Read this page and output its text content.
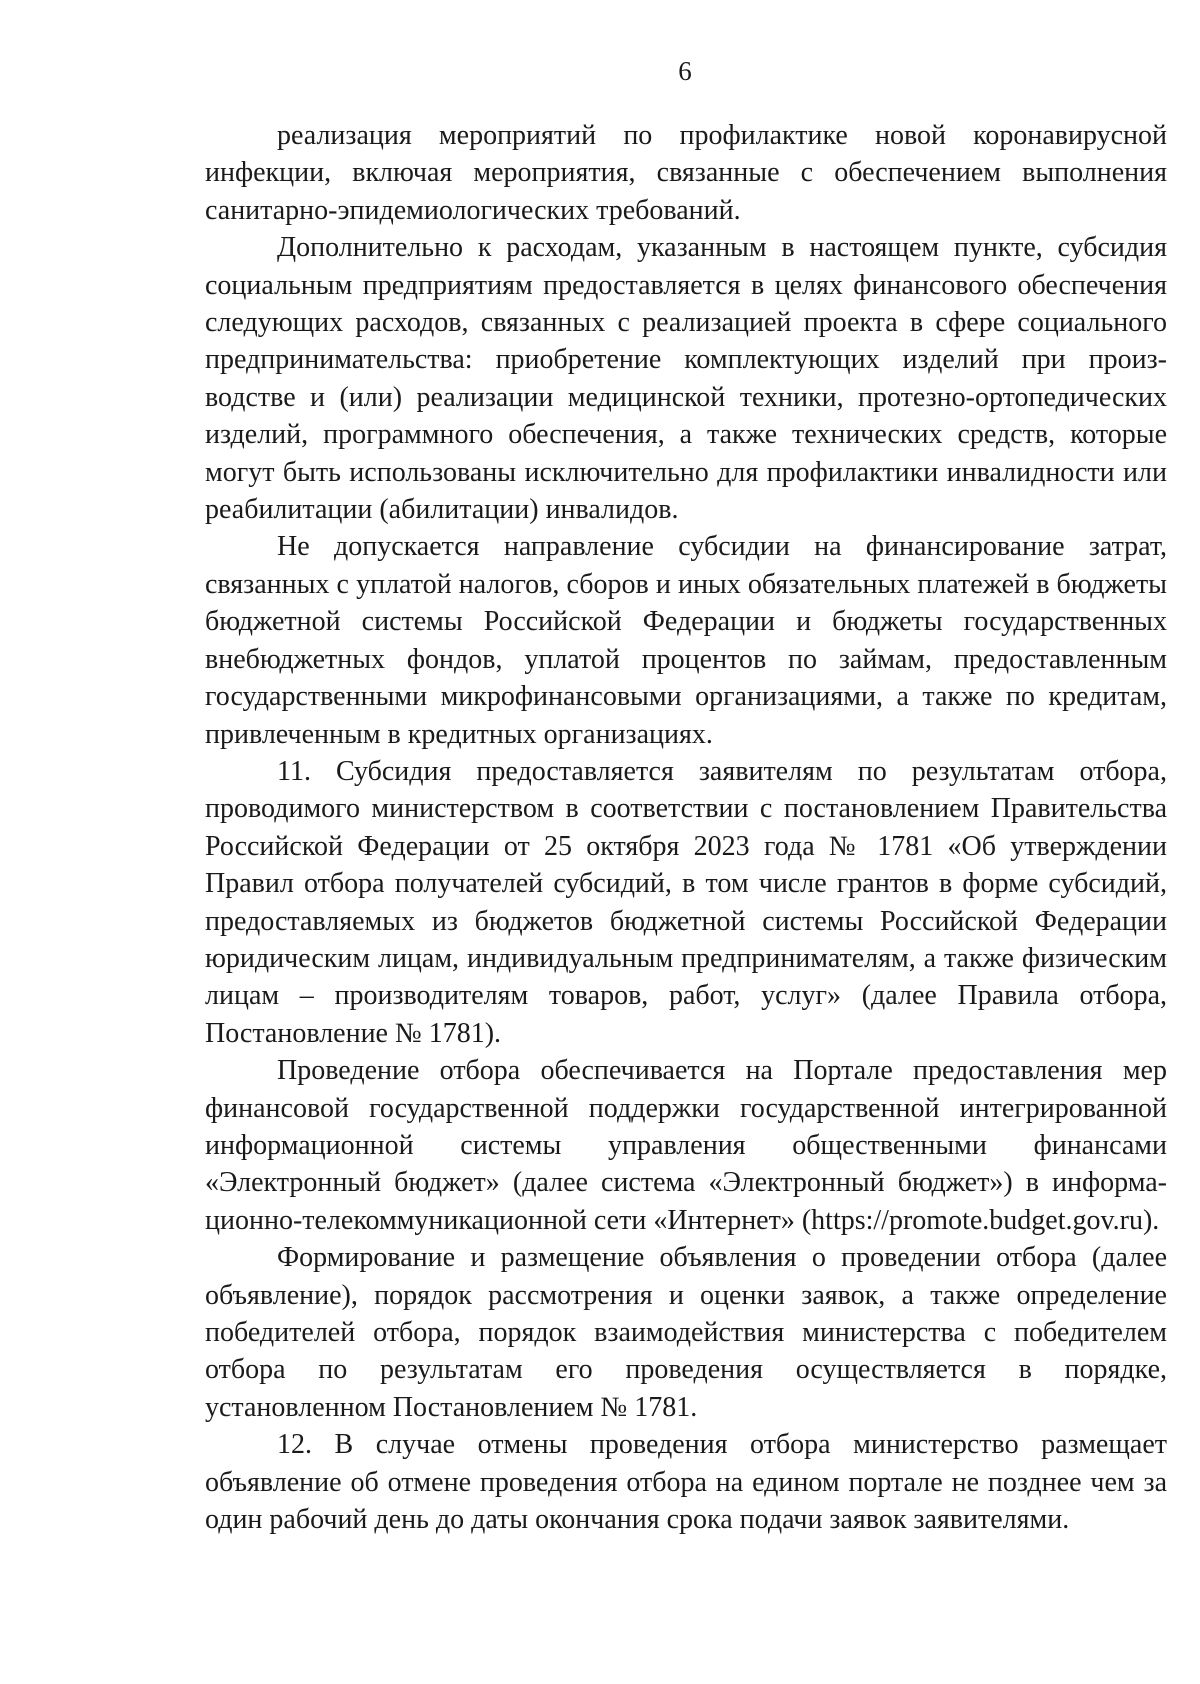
6

реализация мероприятий по профилактике новой коронавирусной инфекции, включая мероприятия, связанные с обеспечением выполнения санитарно-эпидемиологических требований.

Дополнительно к расходам, указанным в настоящем пункте, субсидия социальным предприятиям предоставляется в целях финансового обеспечения следующих расходов, связанных с реализацией проекта в сфере социального предпринимательства: приобретение комплектующих изделий при производстве и (или) реализации медицинской техники, протезно-ортопедических изделий, программного обеспечения, а также технических средств, которые могут быть использованы исключительно для профилактики инвалидности или реабилитации (абилитации) инвалидов.

Не допускается направление субсидии на финансирование затрат, связанных с уплатой налогов, сборов и иных обязательных платежей в бюджеты бюджетной системы Российской Федерации и бюджеты государственных внебюджетных фондов, уплатой процентов по займам, предоставленным государственными микрофинансовыми организациями, а также по кредитам, привлеченным в кредитных организациях.

11. Субсидия предоставляется заявителям по результатам отбора, проводимого министерством в соответствии с постановлением Правительства Российской Федерации от 25 октября 2023 года № 1781 «Об утверждении Правил отбора получателей субсидий, в том числе грантов в форме субсидий, предоставляемых из бюджетов бюджетной системы Российской Федерации юридическим лицам, индивидуальным предпринимателям, а также физическим лицам – производителям товаров, работ, услуг» (далее Правила отбора, Постановление № 1781).

Проведение отбора обеспечивается на Портале предоставления мер финансовой государственной поддержки государственной интегрированной информационной системы управления общественными финансами «Электронный бюджет» (далее система «Электронный бюджет») в информационно-телекоммуникационной сети «Интернет» (https://promote.budget.gov.ru).

Формирование и размещение объявления о проведении отбора (далее объявление), порядок рассмотрения и оценки заявок, а также определение победителей отбора, порядок взаимодействия министерства с победителем отбора по результатам его проведения осуществляется в порядке, установленном Постановлением № 1781.

12. В случае отмены проведения отбора министерство размещает объявление об отмене проведения отбора на едином портале не позднее чем за один рабочий день до даты окончания срока подачи заявок заявителями.
